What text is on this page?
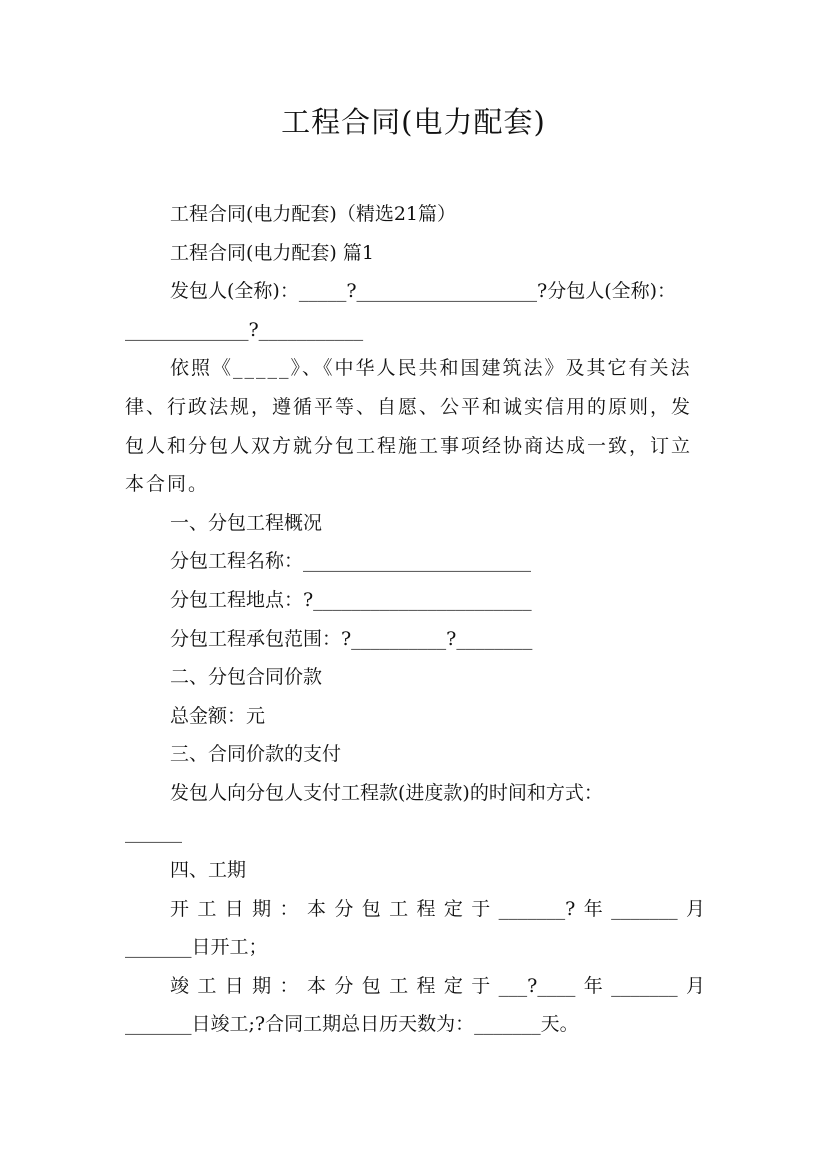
工程合同(电力配套)

工程合同(电力配套)（精选21篇）

工程合同(电力配套) 篇1

发包人(全称)：_____?___________________?分包人(全称)：_____________?___________

依照《_____》、《中华人民共和国建筑法》及其它有关法律、行政法规，遵循平等、自愿、公平和诚实信用的原则，发包人和分包人双方就分包工程施工事项经协商达成一致，订立本合同。

一、分包工程概况

分包工程名称：________________________

分包工程地点：?_______________________

分包工程承包范围：?__________?________

二、分包合同价款

总金额：元

三、合同价款的支付

发包人向分包人支付工程款(进度款)的时间和方式：

______

四、工期

开工日期：本分包工程定于_______?年_______月

_______日开工；

竣工日期：本分包工程定于___?____年_______月

_______日竣工;?合同工期总日历天数为：_______天。
